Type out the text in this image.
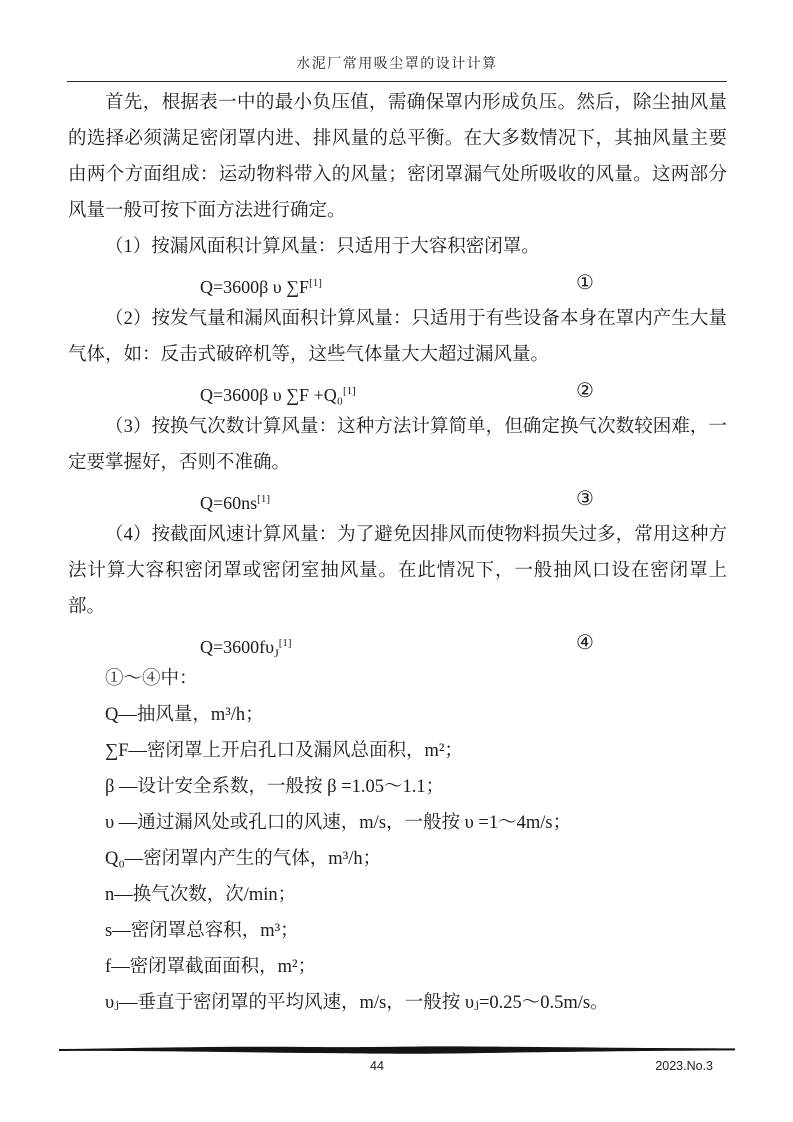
水泥厂常用吸尘罩的设计计算

首先，根据表一中的最小负压值，需确保罩内形成负压。然后，除尘抽风量的选择必须满足密闭罩内进、排风量的总平衡。在大多数情况下，其抽风量主要由两个方面组成：运动物料带入的风量；密闭罩漏气处所吸收的风量。这两部分风量一般可按下面方法进行确定。

（1）按漏风面积计算风量：只适用于大容积密闭罩。

Q=3600β υ ∑F[1]	①

（2）按发气量和漏风面积计算风量：只适用于有些设备本身在罩内产生大量气体，如：反击式破碎机等，这些气体量大大超过漏风量。

Q=3600β υ ∑F +Q₀[1]	②

（3）按换气次数计算风量：这种方法计算简单，但确定换气次数较困难，一定要掌握好，否则不准确。

Q=60ns[1]	③

（4）按截面风速计算风量：为了避免因排风而使物料损失过多，常用这种方法计算大容积密闭罩或密闭室抽风量。在此情况下，一般抽风口设在密闭罩上部。

$Q=3600f\upsilon_J[1]$	④

①～④中：

Q—抽风量，m³/h；

∑F—密闭罩上开启孔口及漏风总面积，m²；

β —设计安全系数，一般按 β =1.05～1.1；

υ —通过漏风处或孔口的风速，m/s，一般按 υ =1～4m/s；

Q₀—密闭罩内产生的气体，m³/h；

n—换气次数，次/min；

s—密闭罩总容积，m³；

f—密闭罩截面面积，m²；

υⱼ—垂直于密闭罩的平均风速，m/s，一般按 υⱼ=0.25～0.5m/s。

44	2023.No.3
